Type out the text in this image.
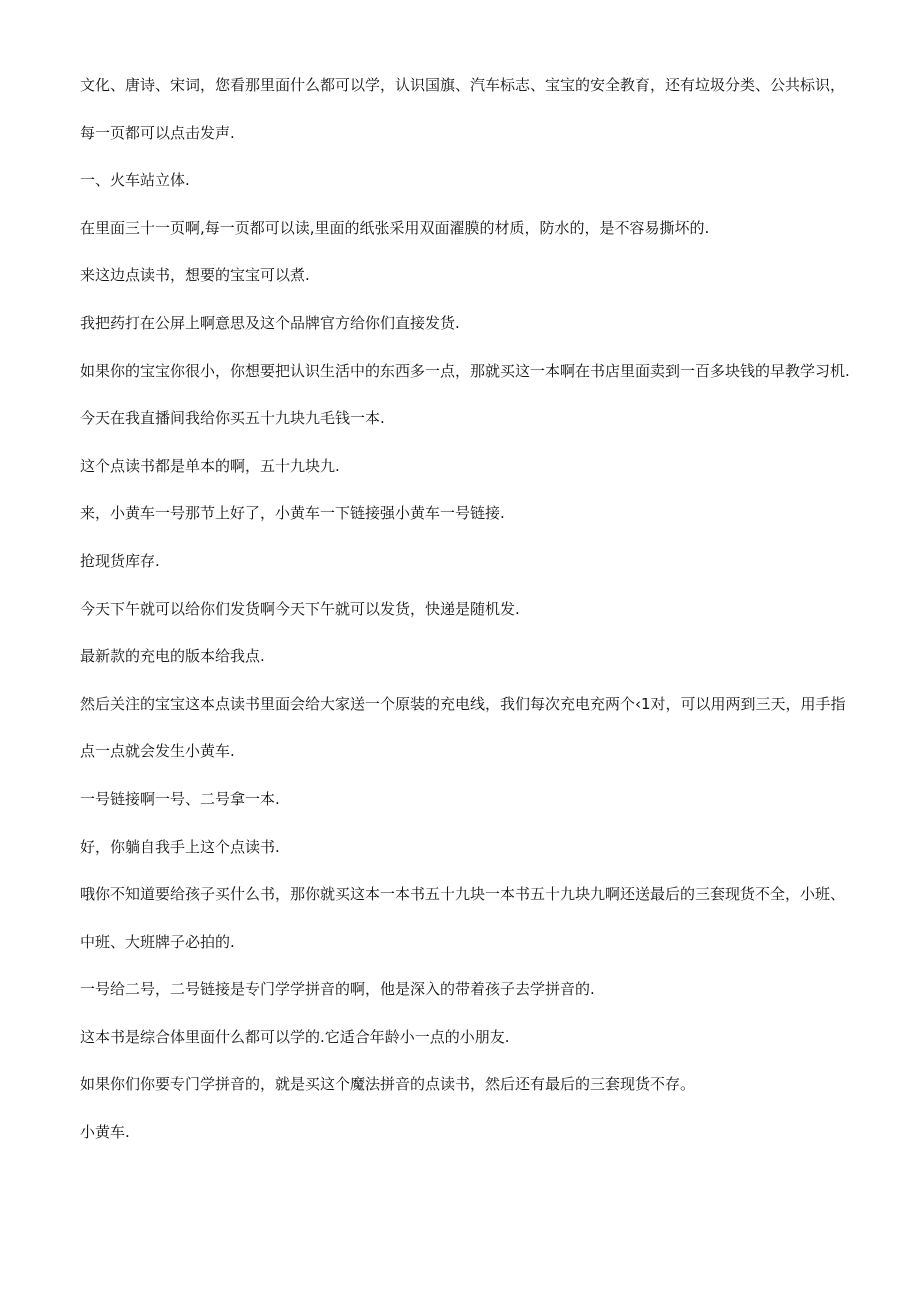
文化、唐诗、宋词，您看那里面什么都可以学，认识国旗、汽车标志、宝宝的安全教育，还有垃圾分类、公共标识，每一页都可以点击发声.

一、火车站立体.

在里面三十一页啊,每一页都可以读,里面的纸张采用双面濯膜的材质，防水的，是不容易撕坏的.

来这边点读书，想要的宝宝可以煮.

我把药打在公屏上啊意思及这个品牌官方给你们直接发货.

如果你的宝宝你很小，你想要把认识生活中的东西多一点，那就买这一本啊在书店里面卖到一百多块钱的早教学习机.

今天在我直播间我给你买五十九块九毛钱一本.

这个点读书都是单本的啊，五十九块九.

来，小黄车一号那节上好了，小黄车一下链接强小黄车一号链接.

抢现货库存.

今天下午就可以给你们发货啊今天下午就可以发货，快递是随机发.

最新款的充电的版本给我点.

然后关注的宝宝这本点读书里面会给大家送一个原装的充电线，我们每次充电充两个‹1对，可以用两到三天，用手指点一点就会发生小黄车.

一号链接啊一号、二号拿一本.

好，你躺自我手上这个点读书.

哦你不知道要给孩子买什么书，那你就买这本一本书五十九块一本书五十九块九啊还送最后的三套现货不全，小班、中班、大班牌子必拍的.

一号给二号，二号链接是专门学学拼音的啊，他是深入的带着孩子去学拼音的.

这本书是综合体里面什么都可以学的.它适合年龄小一点的小朋友.

如果你们你要专门学拼音的，就是买这个魔法拼音的点读书，然后还有最后的三套现货不存。

小黄车.
